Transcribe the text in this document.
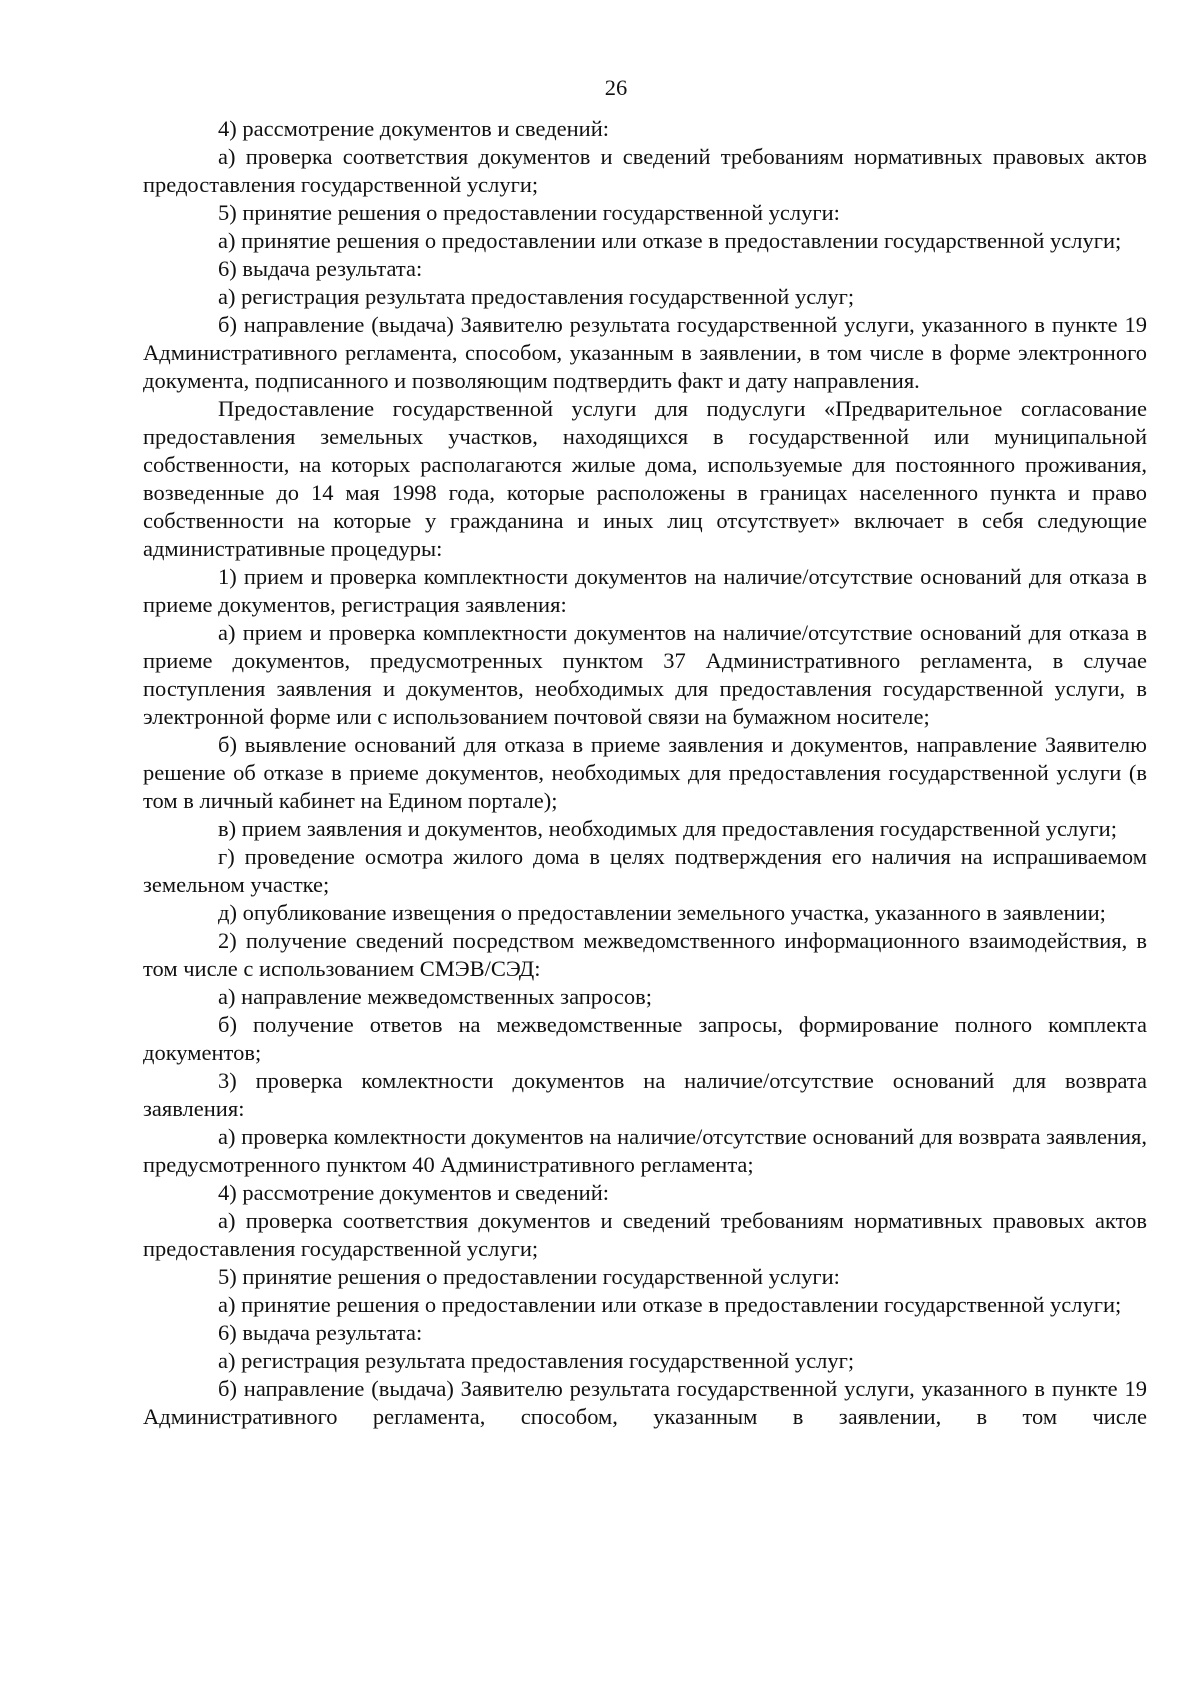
26

4) рассмотрение документов и сведений:

а) проверка соответствия документов и сведений требованиям нормативных правовых актов предоставления государственной услуги;

5) принятие решения о предоставлении государственной услуги:

а) принятие решения о предоставлении или отказе в предоставлении государственной услуги;

6) выдача результата:

а) регистрация результата предоставления государственной услуг;

б) направление (выдача) Заявителю результата государственной услуги, указанного в пункте 19 Административного регламента, способом, указанным в заявлении, в том числе в форме электронного документа, подписанного и позволяющим подтвердить факт и дату направления.

Предоставление государственной услуги для подуслуги «Предварительное согласование предоставления земельных участков, находящихся в государственной или муниципальной собственности, на которых располагаются жилые дома, используемые для постоянного проживания, возведенные до 14 мая 1998 года, которые расположены в границах населенного пункта и право собственности на которые у гражданина и иных лиц отсутствует» включает в себя следующие административные процедуры:

1) прием и проверка комплектности документов на наличие/отсутствие оснований для отказа в приеме документов, регистрация заявления:

а) прием и проверка комплектности документов на наличие/отсутствие оснований для отказа в приеме документов, предусмотренных пунктом 37 Административного регламента, в случае поступления заявления и документов, необходимых для предоставления государственной услуги, в электронной форме или с использованием почтовой связи на бумажном носителе;

б) выявление оснований для отказа в приеме заявления и документов, направление Заявителю решение об отказе в приеме документов, необходимых для предоставления государственной услуги (в том в личный кабинет на Едином портале);

в) прием заявления и документов, необходимых для предоставления государственной услуги;

г) проведение осмотра жилого дома в целях подтверждения его наличия на испрашиваемом земельном участке;

д) опубликование извещения о предоставлении земельного участка, указанного в заявлении;

2) получение сведений посредством межведомственного информационного взаимодействия, в том числе с использованием СМЭВ/СЭД:

а) направление межведомственных запросов;

б) получение ответов на межведомственные запросы, формирование полного комплекта документов;

3) проверка комлектности документов на наличие/отсутствие оснований для возврата заявления:

а) проверка комлектности документов на наличие/отсутствие оснований для возврата заявления, предусмотренного пунктом 40 Административного регламента;

4) рассмотрение документов и сведений:

а) проверка соответствия документов и сведений требованиям нормативных правовых актов предоставления государственной услуги;

5) принятие решения о предоставлении государственной услуги:

а) принятие решения о предоставлении или отказе в предоставлении государственной услуги;

6) выдача результата:

а) регистрация результата предоставления государственной услуг;

б) направление (выдача) Заявителю результата государственной услуги, указанного в пункте 19 Административного регламента, способом, указанным в заявлении, в том числе
